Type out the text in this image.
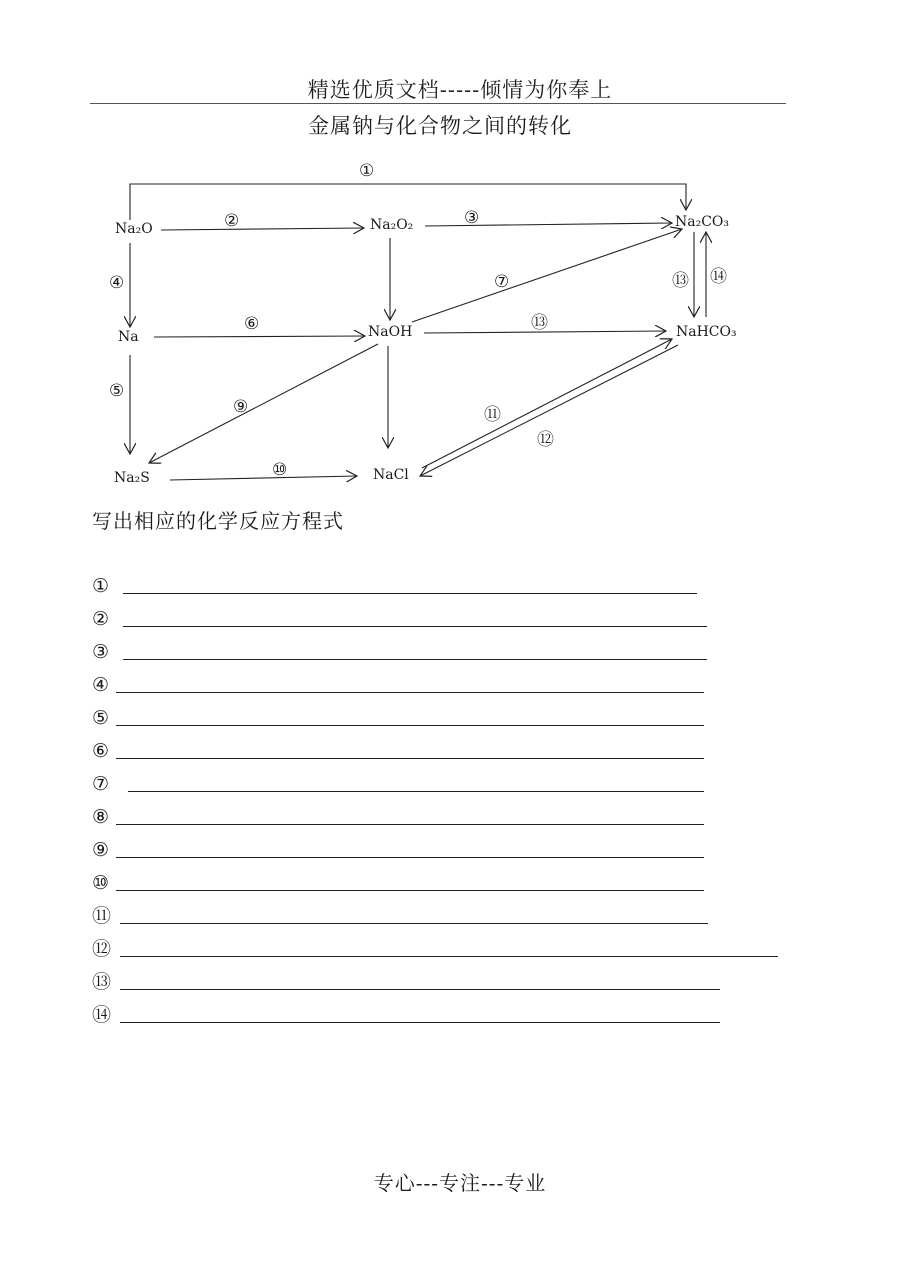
精选优质文档-----倾情为你奉上
金属钠与化合物之间的转化
Na₂O	Na₂O₂	Na₂CO₃
Na	NaOH	NaHCO₃
Na₂S	NaCl
①
②	③
④	⑦	⑬ ⑭
⑥	⑬
⑤
⑨	⑪
⑫
⑩
写出相应的化学反应方程式
①
②
③
④
⑤
⑥
⑦
⑧
⑨
⑩
⑪
⑫
⑬
⑭
专心---专注---专业
